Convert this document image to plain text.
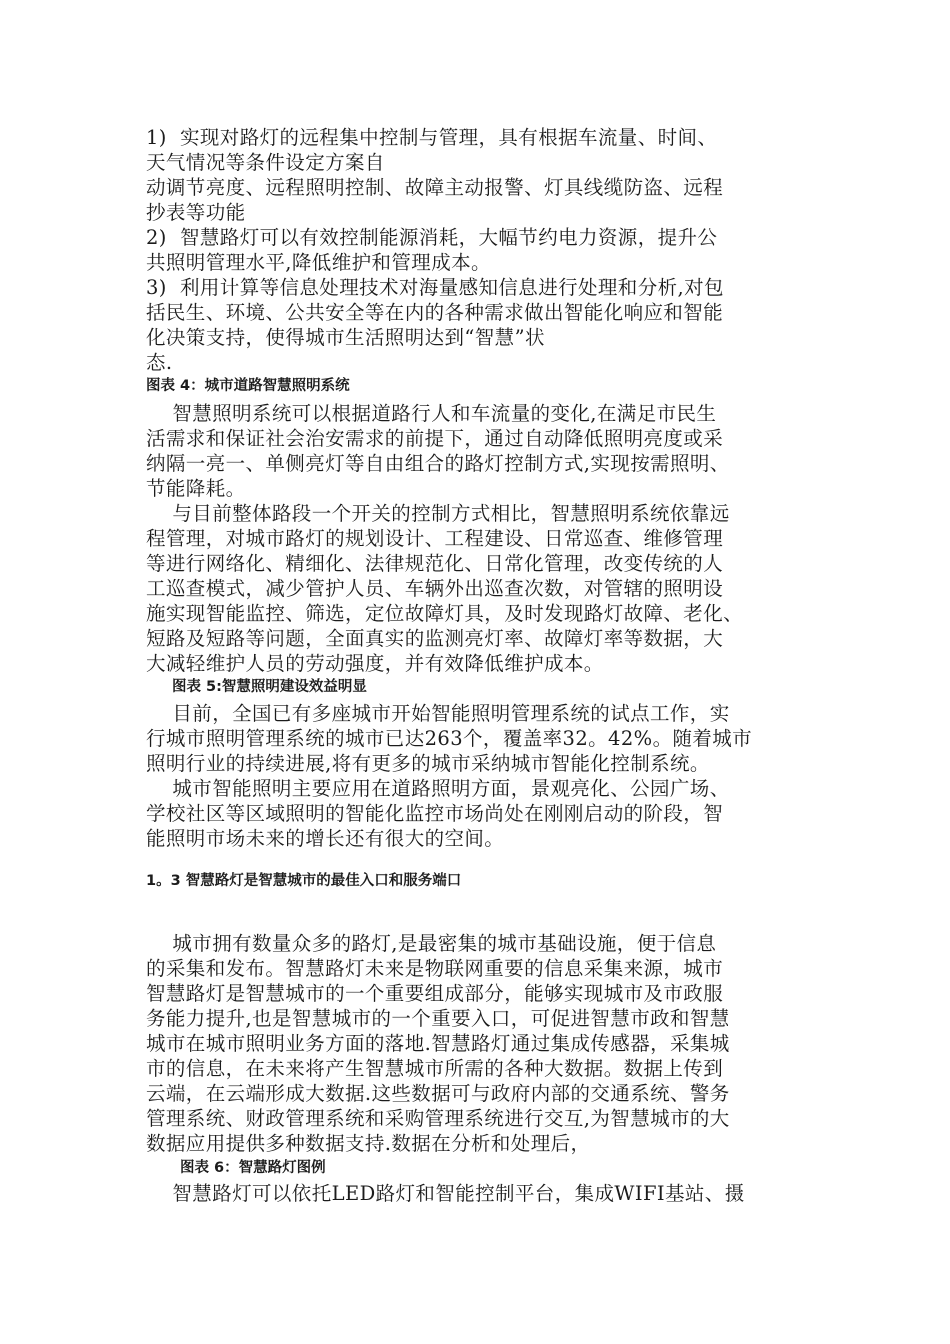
1)  实现对路灯的远程集中控制与管理，具有根据车流量、时间、
天气情况等条件设定方案自
动调节亮度、远程照明控制、故障主动报警、灯具线缆防盗、远程
抄表等功能
2)  智慧路灯可以有效控制能源消耗，大幅节约电力资源，提升公
共照明管理水平,降低维护和管理成本。
3)  利用计算等信息处理技术对海量感知信息进行处理和分析,对包
括民生、环境、公共安全等在内的各种需求做出智能化响应和智能
化决策支持，使得城市生活照明达到“智慧”状
态.
图表 4：城市道路智慧照明系统
智慧照明系统可以根据道路行人和车流量的变化,在满足市民生
活需求和保证社会治安需求的前提下，通过自动降低照明亮度或采
纳隔一亮一、单侧亮灯等自由组合的路灯控制方式,实现按需照明、
节能降耗。
与目前整体路段一个开关的控制方式相比，智慧照明系统依靠远
程管理，对城市路灯的规划设计、工程建设、日常巡查、维修管理
等进行网络化、精细化、法律规范化、日常化管理，改变传统的人
工巡查模式，减少管护人员、车辆外出巡查次数，对管辖的照明设
施实现智能监控、筛选，定位故障灯具，及时发现路灯故障、老化、
短路及短路等问题，全面真实的监测亮灯率、故障灯率等数据，大
大减轻维护人员的劳动强度，并有效降低维护成本。
图表 5:智慧照明建设效益明显
目前，全国已有多座城市开始智能照明管理系统的试点工作，实
行城市照明管理系统的城市已达263个，覆盖率32。42%。随着城市
照明行业的持续进展,将有更多的城市采纳城市智能化控制系统。
城市智能照明主要应用在道路照明方面，景观亮化、公园广场、
学校社区等区域照明的智能化监控市场尚处在刚刚启动的阶段，智
能照明市场未来的增长还有很大的空间。
1。3 智慧路灯是智慧城市的最佳入口和服务端口
城市拥有数量众多的路灯,是最密集的城市基础设施，便于信息
的采集和发布。智慧路灯未来是物联网重要的信息采集来源，城市
智慧路灯是智慧城市的一个重要组成部分，能够实现城市及市政服
务能力提升,也是智慧城市的一个重要入口，可促进智慧市政和智慧
城市在城市照明业务方面的落地.智慧路灯通过集成传感器，采集城
市的信息，在未来将产生智慧城市所需的各种大数据。数据上传到
云端，在云端形成大数据.这些数据可与政府内部的交通系统、警务
管理系统、财政管理系统和采购管理系统进行交互,为智慧城市的大
数据应用提供多种数据支持.数据在分析和处理后，
图表 6：智慧路灯图例
智慧路灯可以依托LED路灯和智能控制平台，集成WIFI基站、摄
